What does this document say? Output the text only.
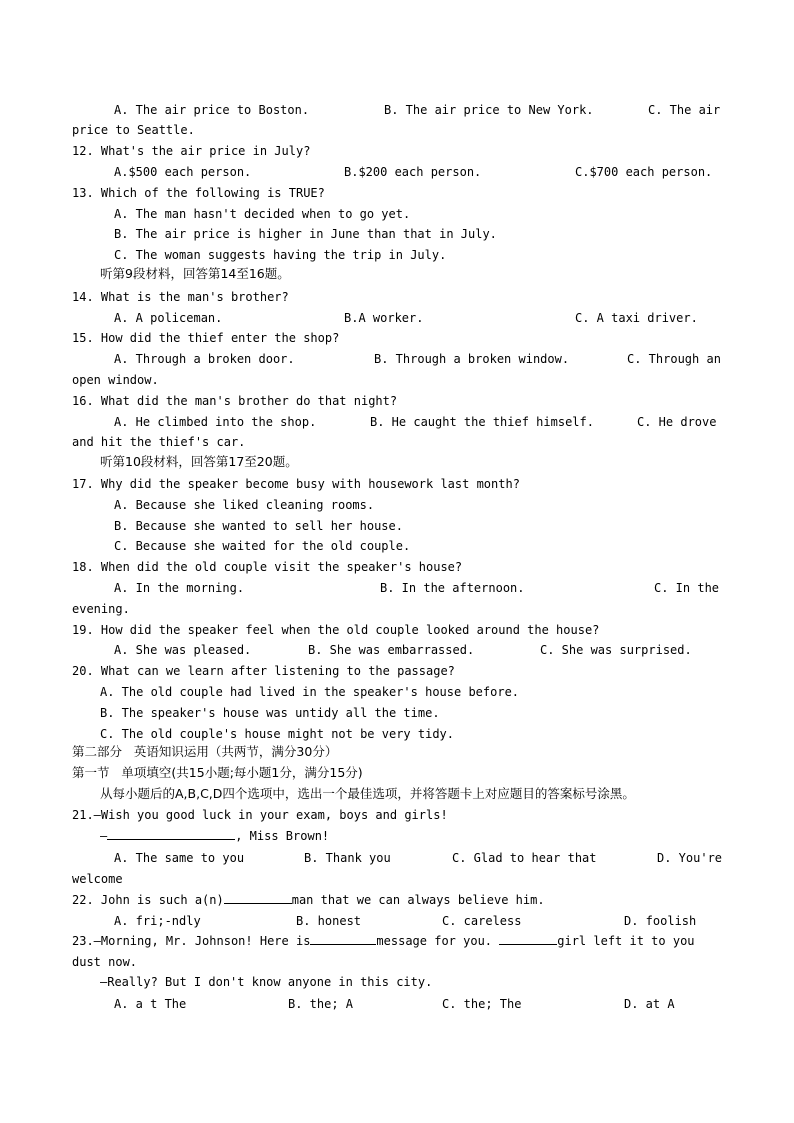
A. The air price to Boston.

	B. The air price to New York.

	C. The air

price to Seattle.
12. What's the air price in July?

A.$500 each person.

	B.$200 each person.

	C.$700 each person.

13. Which of the following is TRUE?
A. The man hasn't decided when to go yet.
B. The air price is higher in June than that in July.
C. The woman suggests having the trip in July.
听第9段材料，回答第14至16题。
14. What is the man's brother?

A. A policeman.

	B.A worker.

	C. A taxi driver.

15. How did the thief enter the shop?

A. Through a broken door.

	B. Through a broken window.

	C. Through an

open window.
16. What did the man's brother do that night?

A. He climbed into the shop.

	B. He caught the thief himself.

	C. He drove

and hit the thief's car.
听第10段材料，回答第17至20题。
17. Why did the speaker become busy with housework last month?
A. Because she liked cleaning rooms.
B. Because she wanted to sell her house.
C. Because she waited for the old couple.
18. When did the old couple visit the speaker's house?

A. In the morning.

	B. In the afternoon.

	C. In the

evening.
19. How did the speaker feel when the old couple looked around the house?

A. She was pleased.

	B. She was embarrassed.

	C. She was surprised.

20. What can we learn after listening to the passage?
A. The old couple had lived in the speaker's house before.
B. The speaker's house was untidy all the time.
C. The old couple's house might not be very tidy.
第二部分   英语知识运用（共两节，满分30分）
第一节   单项填空(共15小题;每小题1分，满分15分)
从每小题后的A,B,C,D四个选项中，选出一个最佳选项，并将答题卡上对应题目的答案标号涂黑。
21.—Wish you good luck in your exam, boys and girls!
—	, Miss Brown!

A. The same to you

	B. Thank you

	C. Glad to hear that

	D. You're

welcome
22. John is such a(n)	man that we can always believe him.

A. fri;-ndly

	B. honest

	C. careless

	D. foolish

23.—Morning, Mr. Johnson! Here is	message for you.	girl left it to you
dust now.
—Really? But I don't know anyone in this city.

A. a t The

	B. the; A

	C. the; The

	D. at A
